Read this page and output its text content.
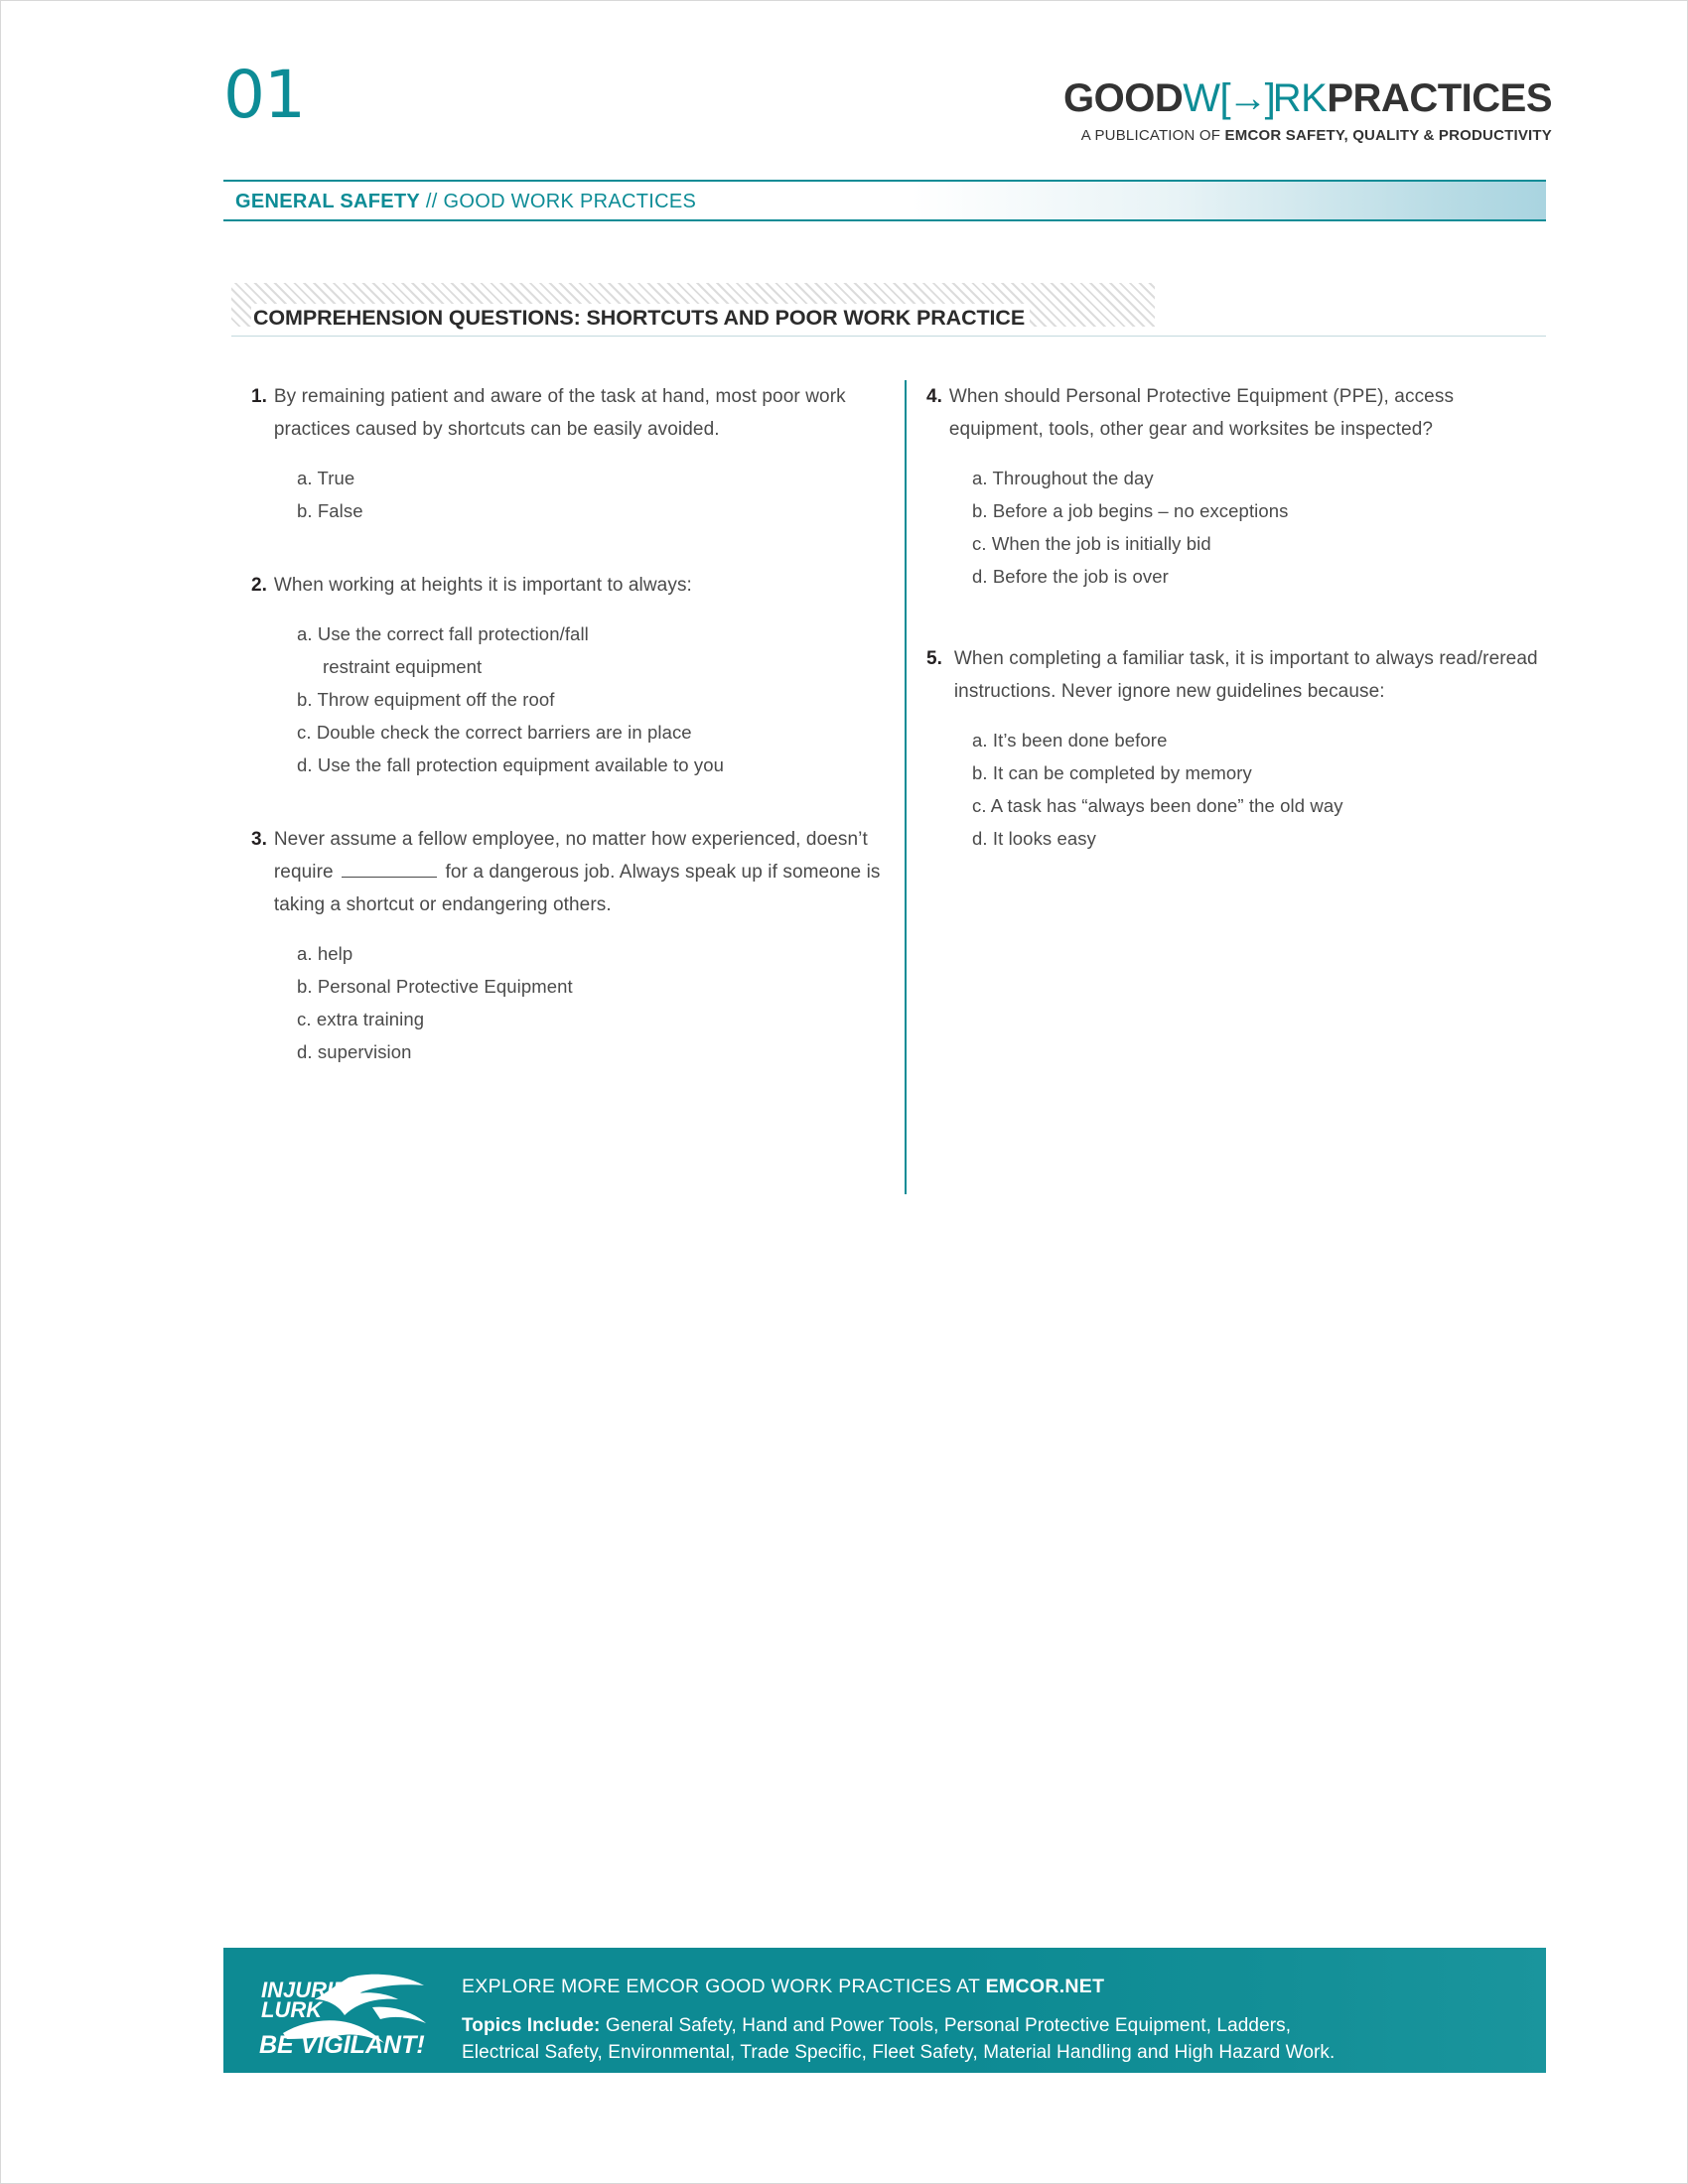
01	GOODW[→]RKPRACTICES
A PUBLICATION OF EMCOR SAFETY, QUALITY & PRODUCTIVITY
GENERAL SAFETY // GOOD WORK PRACTICES
COMPREHENSION QUESTIONS: SHORTCUTS AND POOR WORK PRACTICE
1. By remaining patient and aware of the task at hand, most poor work practices caused by shortcuts can be easily avoided.
a. True
b. False
2. When working at heights it is important to always:
a. Use the correct fall protection/fall
restraint equipment
b. Throw equipment off the roof
c. Double check the correct barriers are in place
d. Use the fall protection equipment available to you
3. Never assume a fellow employee, no matter how experienced, doesn’t require	for a dangerous job. Always speak up if someone is taking a shortcut or endangering others.
a. help
b. Personal Protective Equipment
c. extra training
d. supervision
4. When should Personal Protective Equipment (PPE), access equipment, tools, other gear and worksites be inspected?
a. Throughout the day
b. Before a job begins – no exceptions
c. When the job is initially bid
d. Before the job is over
5. When completing a familiar task, it is important to always read/reread instructions. Never ignore new guidelines because:
a. It’s been done before
b. It can be completed by memory
c. A task has “always been done” the old way
d. It looks easy
INJURIES
LURK
BE VIGILANT!
EXPLORE MORE EMCOR GOOD WORK PRACTICES AT EMCOR.NET
Topics Include: General Safety, Hand and Power Tools, Personal Protective Equipment, Ladders,
Electrical Safety, Environmental, Trade Specific, Fleet Safety, Material Handling and High Hazard Work.
